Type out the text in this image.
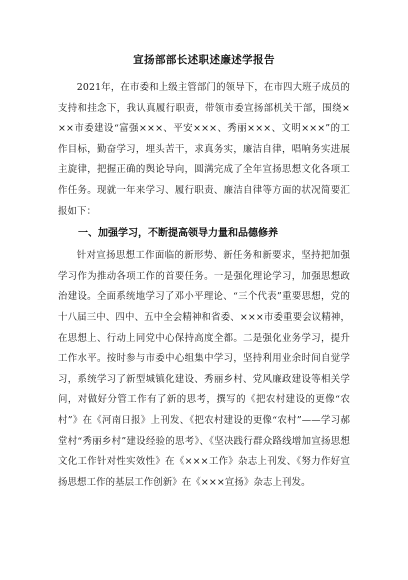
宣扬部部长述职述廉述学报告

2021年，在市委和上级主管部门的领导下，在市四大班子成员的支持和挂念下，我认真履行职责，带领市委宣扬部机关干部，围绕×××市委建设“富强×××、平安×××、秀丽×××、文明×××”的工作目标，勤奋学习，埋头苦干，求真务实，廉洁自律，唱响务实进展主旋律，把握正确的舆论导向，圆满完成了全年宣扬思想文化各项工作任务。现就一年来学习、履行职责、廉洁自律等方面的状况简要汇报如下：

一、加强学习，不断提高领导力量和品德修养

针对宣扬思想工作面临的新形势、新任务和新要求，坚持把加强学习作为推动各项工作的首要任务。一是强化理论学习，加强思想政治建设。全面系统地学习了邓小平理论、“三个代表”重要思想，党的十八届三中、四中、五中全会精神和省委、×××市委重要会议精神，在思想上、行动上同党中心保持高度全都。二是强化业务学习，提升工作水平。按时参与市委中心组集中学习，坚持利用业余时间自觉学习，系统学习了新型城镇化建设、秀丽乡村、党风廉政建设等相关学问，对做好分管工作有了新的思考，撰写的《把农村建设的更像“农村”》在《河南日报》上刊发、《把农村建设的更像“农村”——学习郝堂村“秀丽乡村”建设经验的思考》、《坚决践行群众路线增加宣扬思想文化工作针对性实效性》在《×××工作》杂志上刊发、《努力作好宣扬思想工作的基层工作创新》在《×××宣扬》杂志上刊发。
